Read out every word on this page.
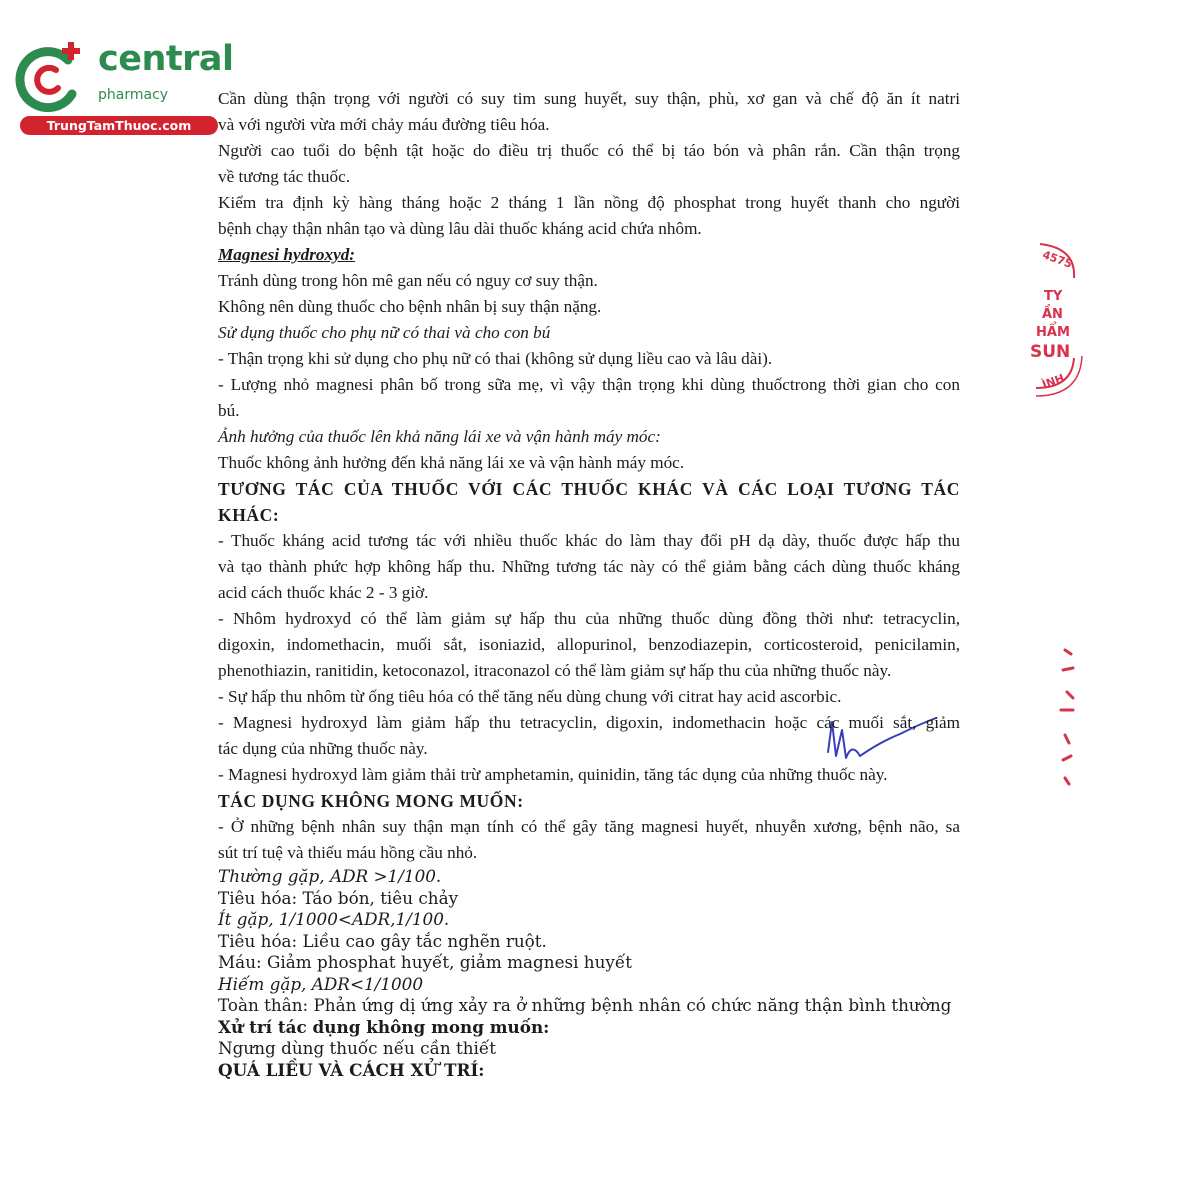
central
pharmacy
TrungTamThuoc.com
4575
TY
ẦN
HẨM
SUN
ÌNH

Cần dùng thận trọng với người có suy tim sung huyết, suy thận, phù, xơ gan và chế độ ăn ít natri

và với người vừa mới chảy máu đường tiêu hóa.

Người cao tuổi do bệnh tật hoặc do điều trị thuốc có thể bị táo bón và phân rắn. Cần thận trọng

về tương tác thuốc.

Kiểm tra định kỳ hàng tháng hoặc 2 tháng 1 lần nồng độ phosphat trong huyết thanh cho người

bệnh chạy thận nhân tạo và dùng lâu dài thuốc kháng acid chứa nhôm.

Magnesi hydroxyd:

Tránh dùng trong hôn mê gan nếu có nguy cơ suy thận.

Không nên dùng thuốc cho bệnh nhân bị suy thận nặng.

Sử dụng thuốc cho phụ nữ có thai và cho con bú

- Thận trọng khi sử dụng cho phụ nữ có thai (không sử dụng liều cao và lâu dài).

- Lượng nhỏ magnesi phân bố trong sữa mẹ, vì vậy thận trọng khi dùng thuốctrong thời gian cho con

bú.

Ảnh hưởng của thuốc lên khả năng lái xe và vận hành máy móc:

Thuốc không ảnh hưởng đến khả năng lái xe và vận hành máy móc.

TƯƠNG TÁC CỦA THUỐC VỚI CÁC THUỐC KHÁC VÀ CÁC LOẠI TƯƠNG TÁC

KHÁC:

- Thuốc kháng acid tương tác với nhiều thuốc khác do làm thay đổi pH dạ dày, thuốc được hấp thu

và tạo thành phức hợp không hấp thu. Những tương tác này có thể giảm bằng cách dùng thuốc kháng

acid cách thuốc khác 2 - 3 giờ.

- Nhôm hydroxyd có thể làm giảm sự hấp thu của những thuốc dùng đồng thời như: tetracyclin,

digoxin, indomethacin, muối sắt, isoniazid, allopurinol, benzodiazepin, corticosteroid, penicilamin,

phenothiazin, ranitidin, ketoconazol, itraconazol có thể làm giảm sự hấp thu của những thuốc này.

- Sự hấp thu nhôm từ ống tiêu hóa có thể tăng nếu dùng chung với citrat hay acid ascorbic.

- Magnesi hydroxyd làm giảm hấp thu tetracyclin, digoxin, indomethacin hoặc các muối sắt, giảm

tác dụng của những thuốc này.

- Magnesi hydroxyd làm giảm thải trừ amphetamin, quinidin, tăng tác dụng của những thuốc này.

TÁC DỤNG KHÔNG MONG MUỐN:

- Ở những bệnh nhân suy thận mạn tính có thể gây tăng magnesi huyết, nhuyễn xương, bệnh não, sa

sút trí tuệ và thiếu máu hồng cầu nhỏ.

Thường gặp, ADR >1/100.

Tiêu hóa: Táo bón, tiêu chảy

Ít gặp, 1/1000<ADR,1/100.

Tiêu hóa: Liều cao gây tắc nghẽn ruột.

Máu: Giảm phosphat huyết, giảm magnesi huyết

Hiếm gặp, ADR<1/1000

Toàn thân: Phản ứng dị ứng xảy ra ở những bệnh nhân có chức năng thận bình thường

Xử trí tác dụng không mong muốn:

Ngưng dùng thuốc nếu cần thiết

QUÁ LIỀU VÀ CÁCH XỬ TRÍ:
